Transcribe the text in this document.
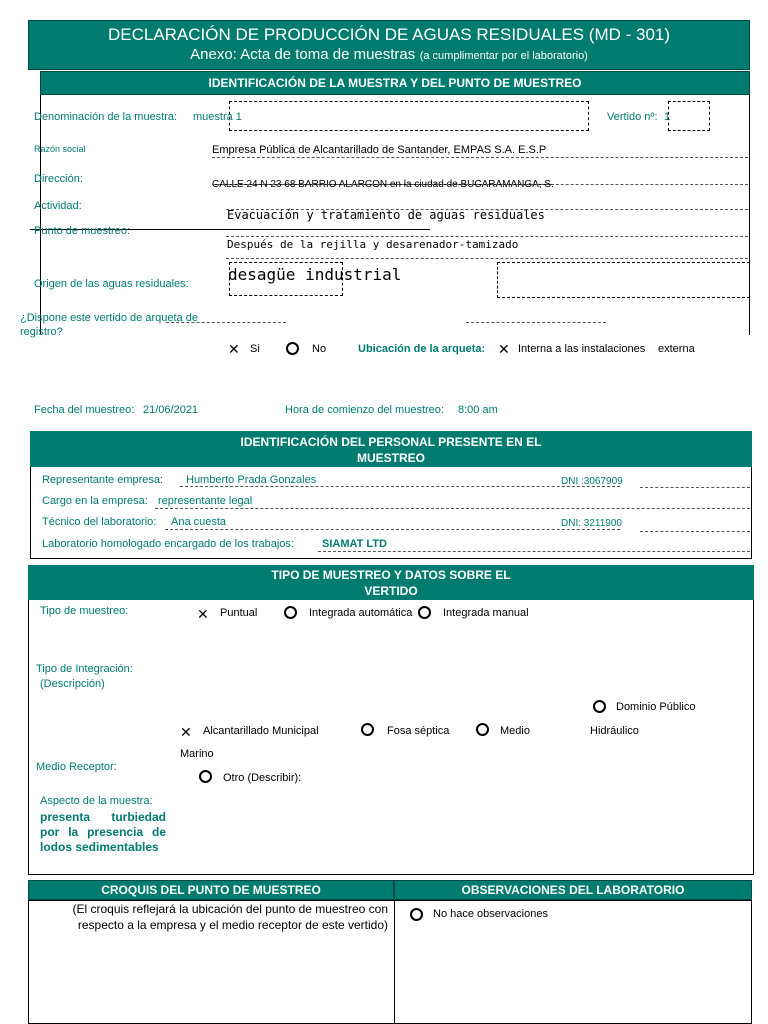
DECLARACIÓN DE PRODUCCIÓN DE AGUAS RESIDUALES (MD - 301)
Anexo: Acta de toma de muestras (a cumplimentar por el laboratorio)
IDENTIFICACIÓN DE LA MUESTRA Y DEL PUNTO DE MUESTREO
Denominación de la muestra: muestra 1	Vertido nº: 1
Razón social	Empresa Pública de Alcantarillado de Santander, EMPAS S.A. E.S.P
Dirección:	CALLE 24 N 23 68 BARRIO ALARCON en la ciudad de BUCARAMANGA, S.
Actividad:
Evacuación y tratamiento de aguas residuales
Punto de muestreo:
Después de la rejilla y desarenador-tamizado
Origen de las aguas residuales: desagüe industrial
¿Dispone este vertido de arqueta de registro?
✕ Si	No	Ubicación de la arqueta: ✕ Interna a las instalaciones externa
Fecha del muestreo: 21/06/2021	Hora de comienzo del muestreo: 8:00 am
IDENTIFICACIÓN DEL PERSONAL PRESENTE EN EL
MUESTREO
Representante empresa: Humberto Prada Gonzales	DNI :3067909
Cargo en la empresa: representante legal
Técnico del laboratorio: Ana cuesta	DNI: 3211900
Laboratorio homologado encargado de los trabajos:	SIAMAT LTD
TIPO DE MUESTREO Y DATOS SOBRE EL
VERTIDO
Tipo de muestreo:	✕ Puntual	Integrada automática	Integrada manual
Tipo de Integración:
(Descripción)
Dominio Público
✕ Alcantarillado Municipal	Fosa séptica	Medio	Hidráulico
Marino
Medio Receptor:
Otro (Describir):
Aspecto de la muestra:
presenta turbiedad por la presencia de lodos sedimentables
CROQUIS DEL PUNTO DE MUESTREO	OBSERVACIONES DEL LABORATORIO
(El croquis reflejará la ubicación del punto de muestreo con respecto a la empresa y el medio receptor de este vertido)
No hace observaciones
